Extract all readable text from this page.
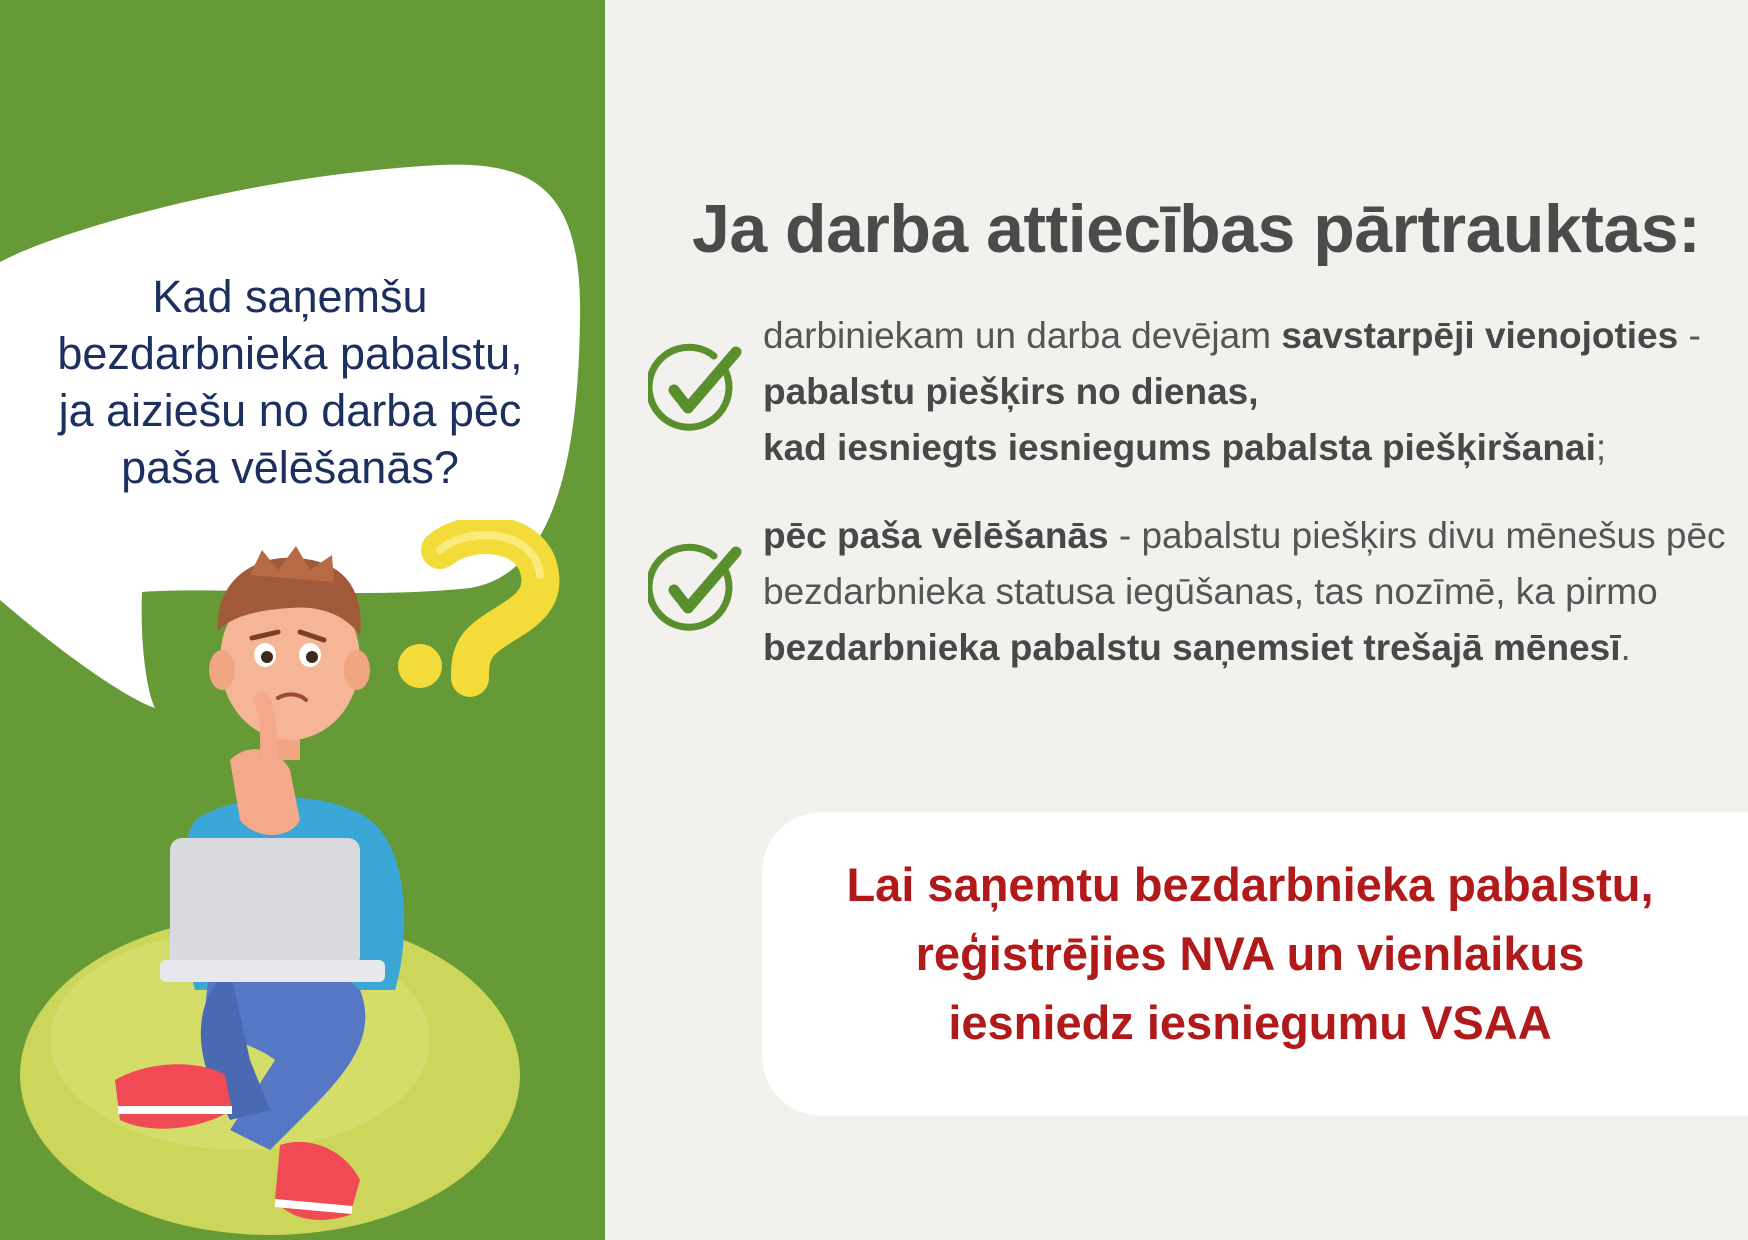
Kad saņemšu
bezdarbnieka pabalstu,
ja aiziešu no darba pēc
paša vēlēšanās?
Ja darba attiecības pārtrauktas:
darbiniekam un darba devējam savstarpēji vienojoties - pabalstu piešķirs no dienas,
kad iesniegts iesniegums pabalsta piešķiršanai;
pēc paša vēlēšanās - pabalstu piešķirs divu mēnešus pēc bezdarbnieka statusa iegūšanas, tas nozīmē, ka pirmo bezdarbnieka pabalstu saņemsiet trešajā mēnesī.
Lai saņemtu bezdarbnieka pabalstu,
reģistrējies NVA un vienlaikus
iesniedz iesniegumu VSAA
